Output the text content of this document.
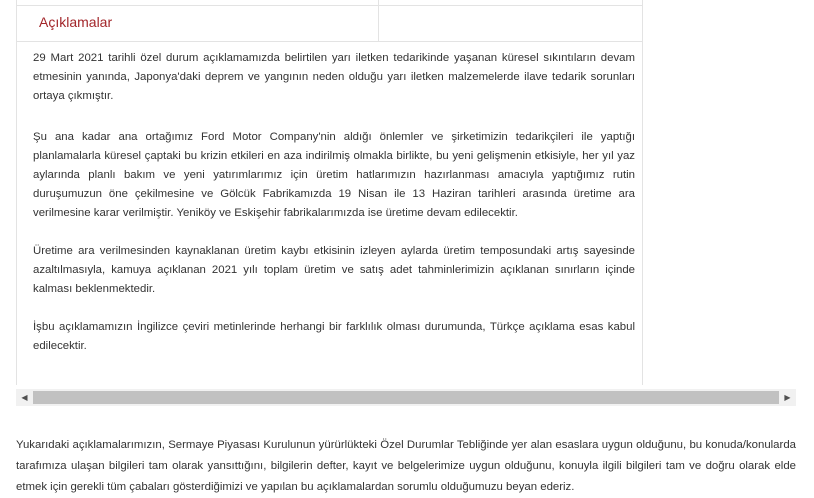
Açıklamalar

29 Mart 2021 tarihli özel durum açıklamamızda belirtilen yarı iletken tedarikinde yaşanan küresel sıkıntıların devam etmesinin yanında, Japonya'daki deprem ve yangının neden olduğu yarı iletken malzemelerde ilave tedarik sorunları ortaya çıkmıştır.

Şu ana kadar ana ortağımız Ford Motor Company'nin aldığı önlemler ve şirketimizin tedarikçileri ile yaptığı planlamalarla küresel çaptaki bu krizin etkileri en aza indirilmiş olmakla birlikte, bu yeni gelişmenin etkisiyle, her yıl yaz aylarında planlı bakım ve yeni yatırımlarımız için üretim hatlarımızın hazırlanması amacıyla yaptığımız rutin duruşumuzun öne çekilmesine ve Gölcük Fabrikamızda 19 Nisan ile 13 Haziran tarihleri arasında üretime ara verilmesine karar verilmiştir. Yeniköy ve Eskişehir fabrikalarımızda ise üretime devam edilecektir.

Üretime ara verilmesinden kaynaklanan üretim kaybı etkisinin izleyen aylarda üretim temposundaki artış sayesinde azaltılmasıyla, kamuya açıklanan 2021 yılı toplam üretim ve satış adet tahminlerimizin açıklanan sınırların içinde kalması beklenmektedir.

İşbu açıklamamızın İngilizce çeviri metinlerinde herhangi bir farklılık olması durumunda, Türkçe açıklama esas kabul edilecektir.

◀	▶

Yukarıdaki açıklamalarımızın, Sermaye Piyasası Kurulunun yürürlükteki Özel Durumlar Tebliğinde yer alan esaslara uygun olduğunu, bu konuda/konularda tarafımıza ulaşan bilgileri tam olarak yansıttığını, bilgilerin defter, kayıt ve belgelerimize uygun olduğunu, konuyla ilgili bilgileri tam ve doğru olarak elde etmek için gerekli tüm çabaları gösterdiğimizi ve yapılan bu açıklamalardan sorumlu olduğumuzu beyan ederiz.
